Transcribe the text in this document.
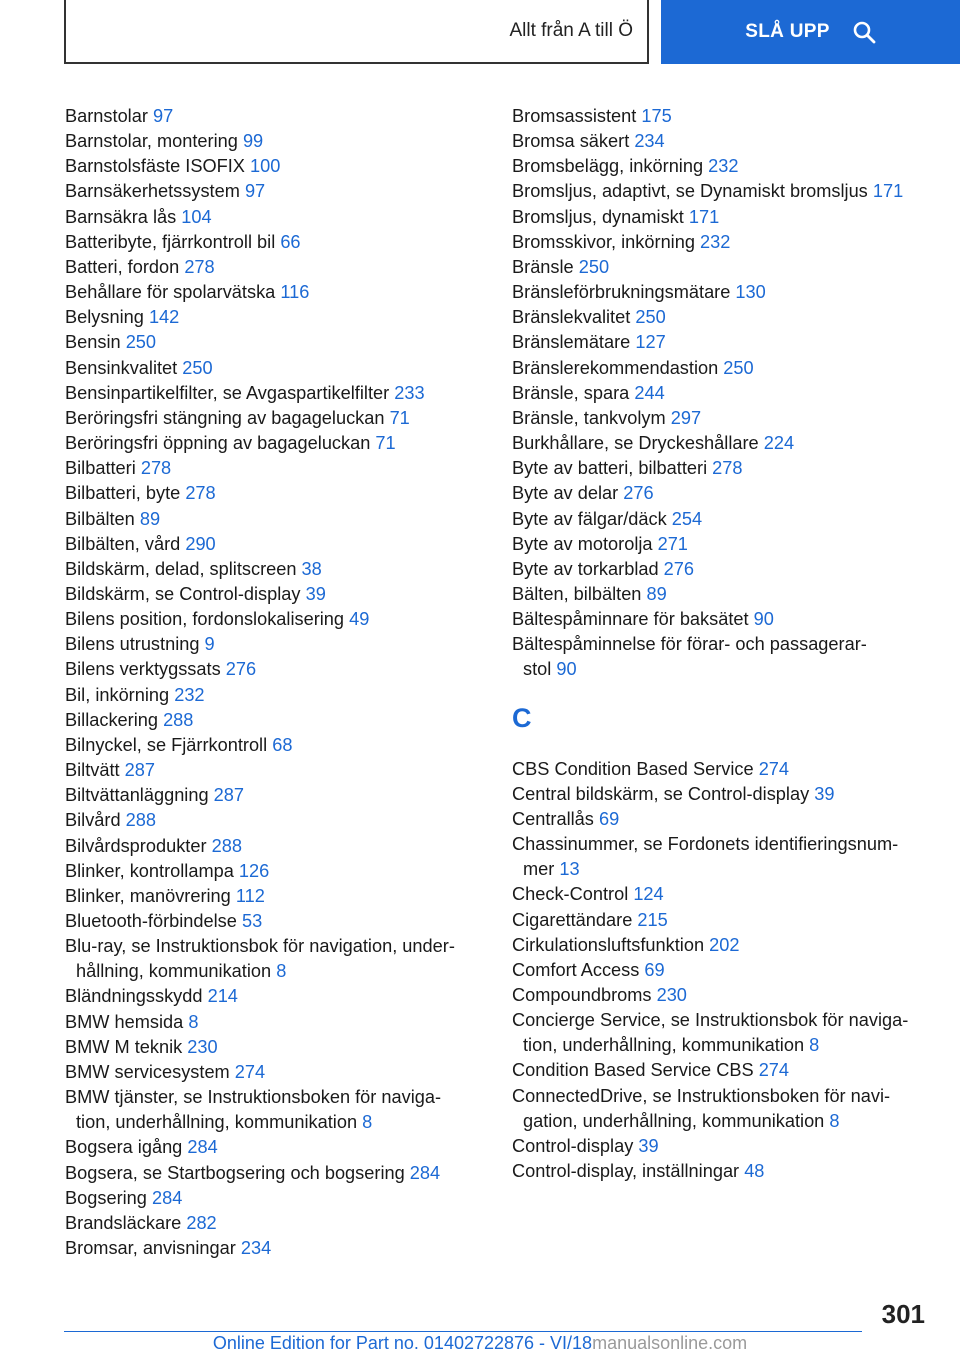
Allt från A till Ö	SLÅ UPP
Barnstolar 97
Barnstolar, montering 99
Barnstolsfäste ISOFIX 100
Barnsäkerhetssystem 97
Barnsäkra lås 104
Batteribyte, fjärrkontroll bil 66
Batteri, fordon 278
Behållare för spolarvätska 116
Belysning 142
Bensin 250
Bensinkvalitet 250
Bensinpartikelfilter, se Avgaspartikelfilter 233
Beröringsfri stängning av bagageluckan 71
Beröringsfri öppning av bagageluckan 71
Bilbatteri 278
Bilbatteri, byte 278
Bilbälten 89
Bilbälten, vård 290
Bildskärm, delad, splitscreen 38
Bildskärm, se Control-display 39
Bilens position, fordonslokalisering 49
Bilens utrustning 9
Bilens verktygssats 276
Bil, inkörning 232
Billackering 288
Bilnyckel, se Fjärrkontroll 68
Biltvätt 287
Biltvättanläggning 287
Bilvård 288
Bilvårdsprodukter 288
Blinker, kontrollampa 126
Blinker, manövrering 112
Bluetooth-förbindelse 53
Blu-ray, se Instruktionsbok för navigation, under-
hållning, kommunikation 8
Bländningsskydd 214
BMW hemsida 8
BMW M teknik 230
BMW servicesystem 274
BMW tjänster, se Instruktionsboken för naviga-
tion, underhållning, kommunikation 8
Bogsera igång 284
Bogsera, se Startbogsering och bogsering 284
Bogsering 284
Brandsläckare 282
Bromsar, anvisningar 234
Bromsassistent 175
Bromsa säkert 234
Bromsbelägg, inkörning 232
Bromsljus, adaptivt, se Dynamiskt bromsljus 171
Bromsljus, dynamiskt 171
Bromsskivor, inkörning 232
Bränsle 250
Bränsleförbrukningsmätare 130
Bränslekvalitet 250
Bränslemätare 127
Bränslerekommendastion 250
Bränsle, spara 244
Bränsle, tankvolym 297
Burkhållare, se Dryckeshållare 224
Byte av batteri, bilbatteri 278
Byte av delar 276
Byte av fälgar/däck 254
Byte av motorolja 271
Byte av torkarblad 276
Bälten, bilbälten 89
Bältespåminnare för baksätet 90
Bältespåminnelse för förar- och passagerar-
stol 90
C
CBS Condition Based Service 274
Central bildskärm, se Control-display 39
Centrallås 69
Chassinummer, se Fordonets identifieringsnum-
mer 13
Check-Control 124
Cigarettändare 215
Cirkulationsluftsfunktion 202
Comfort Access 69
Compoundbroms 230
Concierge Service, se Instruktionsbok för naviga-
tion, underhållning, kommunikation 8
Condition Based Service CBS 274
ConnectedDrive, se Instruktionsboken för navi-
gation, underhållning, kommunikation 8
Control-display 39
Control-display, inställningar 48
301
Online Edition for Part no. 01402722876 - VI/18manualsonline.com
